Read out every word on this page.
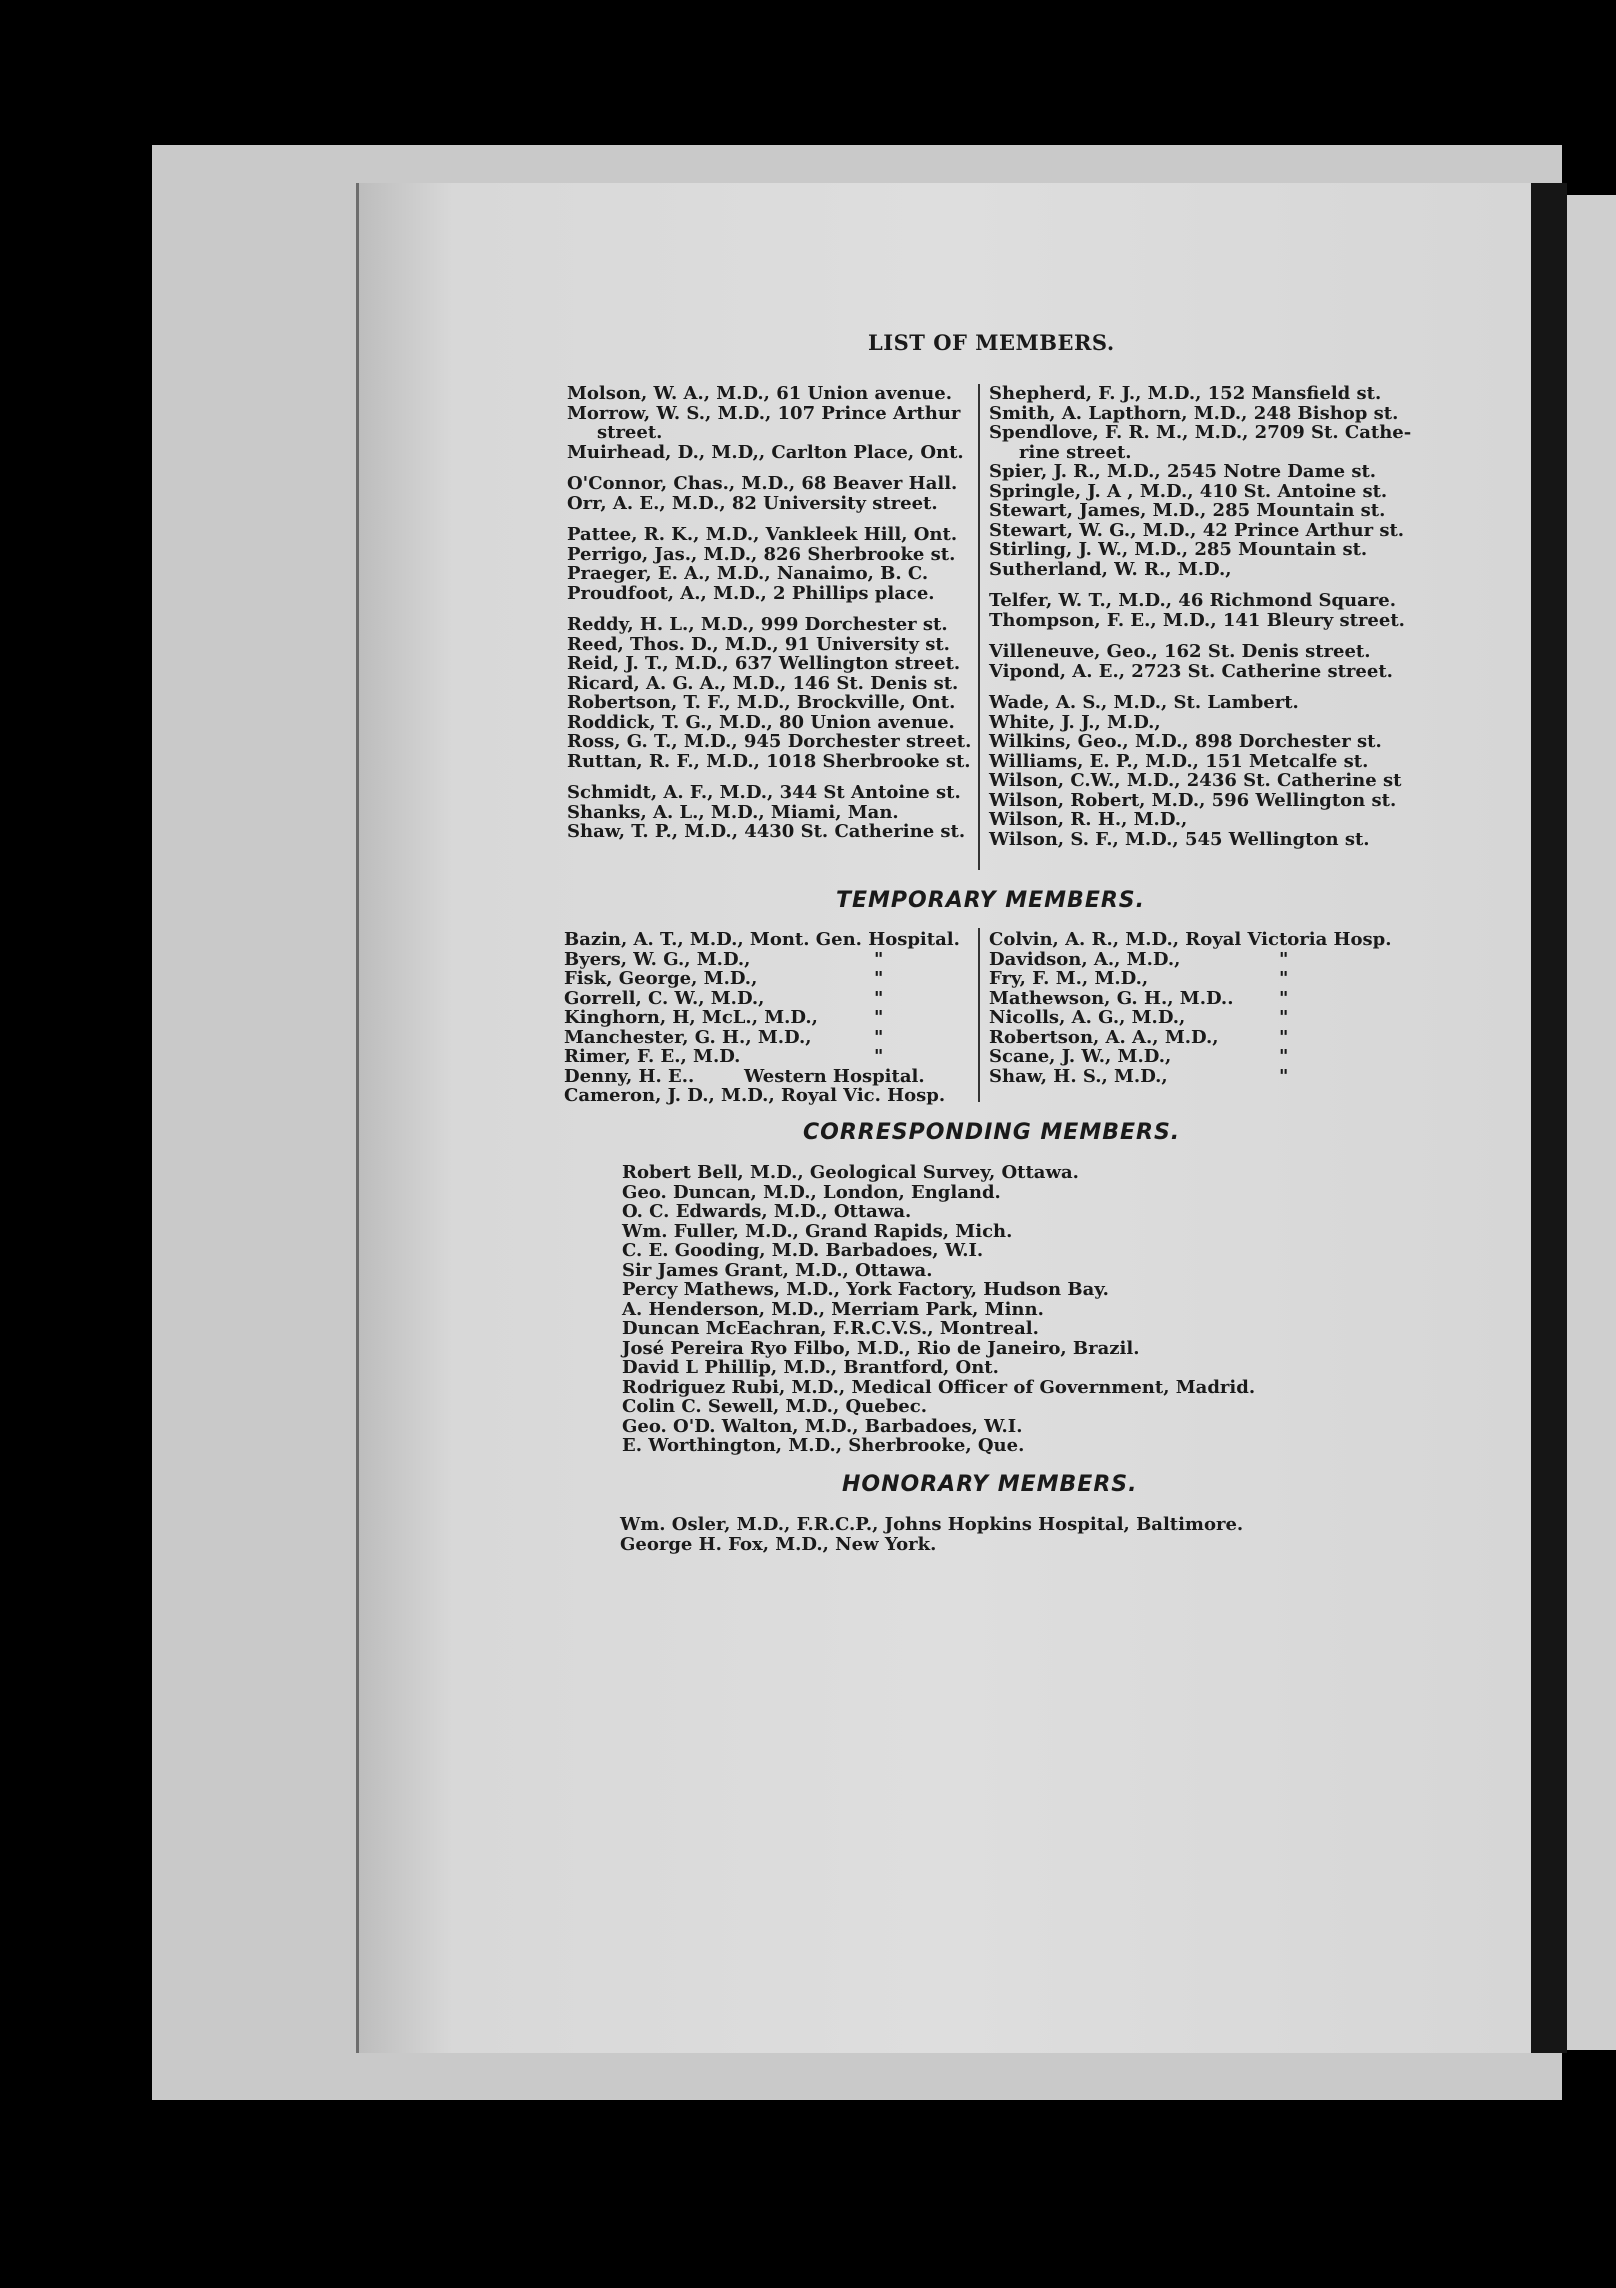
LIST OF MEMBERS.
Molson, W. A., M.D., 61 Union avenue.
Morrow, W. S., M.D., 107 Prince Arthur
street.
Muirhead, D., M.D,, Carlton Place, Ont.
O'Connor, Chas., M.D., 68 Beaver Hall.
Orr, A. E., M.D., 82 University street.
Pattee, R. K., M.D., Vankleek Hill, Ont.
Perrigo, Jas., M.D., 826 Sherbrooke st.
Praeger, E. A., M.D., Nanaimo, B. C.
Proudfoot, A., M.D., 2 Phillips place.
Reddy, H. L., M.D., 999 Dorchester st.
Reed, Thos. D., M.D., 91 University st.
Reid, J. T., M.D., 637 Wellington street.
Ricard, A. G. A., M.D., 146 St. Denis st.
Robertson, T. F., M.D., Brockville, Ont.
Roddick, T. G., M.D., 80 Union avenue.
Ross, G. T., M.D., 945 Dorchester street.
Ruttan, R. F., M.D., 1018 Sherbrooke st.
Schmidt, A. F., M.D., 344 St Antoine st.
Shanks, A. L., M.D., Miami, Man.
Shaw, T. P., M.D., 4430 St. Catherine st.
Shepherd, F. J., M.D., 152 Mansfield st.
Smith, A. Lapthorn, M.D., 248 Bishop st.
Spendlove, F. R. M., M.D., 2709 St. Cathe-
rine street.
Spier, J. R., M.D., 2545 Notre Dame st.
Springle, J. A , M.D., 410 St. Antoine st.
Stewart, James, M.D., 285 Mountain st.
Stewart, W. G., M.D., 42 Prince Arthur st.
Stirling, J. W., M.D., 285 Mountain st.
Sutherland, W. R., M.D.,
Telfer, W. T., M.D., 46 Richmond Square.
Thompson, F. E., M.D., 141 Bleury street.
Villeneuve, Geo., 162 St. Denis street.
Vipond, A. E., 2723 St. Catherine street.
Wade, A. S., M.D., St. Lambert.
White, J. J., M.D.,
Wilkins, Geo., M.D., 898 Dorchester st.
Williams, E. P., M.D., 151 Metcalfe st.
Wilson, C.W., M.D., 2436 St. Catherine st
Wilson, Robert, M.D., 596 Wellington st.
Wilson, R. H., M.D.,
Wilson, S. F., M.D., 545 Wellington st.
TEMPORARY MEMBERS.
Bazin, A. T., M.D., Mont. Gen. Hospital.
Byers, W. G., M.D.,	"
Fisk, George, M.D.,	"
Gorrell, C. W., M.D.,	"
Kinghorn, H, McL., M.D.,	"
Manchester, G. H., M.D.,	"
Rimer, F. E., M.D.	"
Denny, H. E..	Western Hospital.
Cameron, J. D., M.D., Royal Vic. Hosp.
Colvin, A. R., M.D., Royal Victoria Hosp.
Davidson, A., M.D.,	"
Fry, F. M., M.D.,	"
Mathewson, G. H., M.D..	"
Nicolls, A. G., M.D.,	"
Robertson, A. A., M.D.,	"
Scane, J. W., M.D.,	"
Shaw, H. S., M.D.,	"
CORRESPONDING MEMBERS.
Robert Bell, M.D., Geological Survey, Ottawa.
Geo. Duncan, M.D., London, England.
O. C. Edwards, M.D., Ottawa.
Wm. Fuller, M.D., Grand Rapids, Mich.
C. E. Gooding, M.D. Barbadoes, W.I.
Sir James Grant, M.D., Ottawa.
Percy Mathews, M.D., York Factory, Hudson Bay.
A. Henderson, M.D., Merriam Park, Minn.
Duncan McEachran, F.R.C.V.S., Montreal.
José Pereira Ryo Filbo, M.D., Rio de Janeiro, Brazil.
David L Phillip, M.D., Brantford, Ont.
Rodriguez Rubi, M.D., Medical Officer of Government, Madrid.
Colin C. Sewell, M.D., Quebec.
Geo. O'D. Walton, M.D., Barbadoes, W.I.
E. Worthington, M.D., Sherbrooke, Que.
HONORARY MEMBERS.
Wm. Osler, M.D., F.R.C.P., Johns Hopkins Hospital, Baltimore.
George H. Fox, M.D., New York.
